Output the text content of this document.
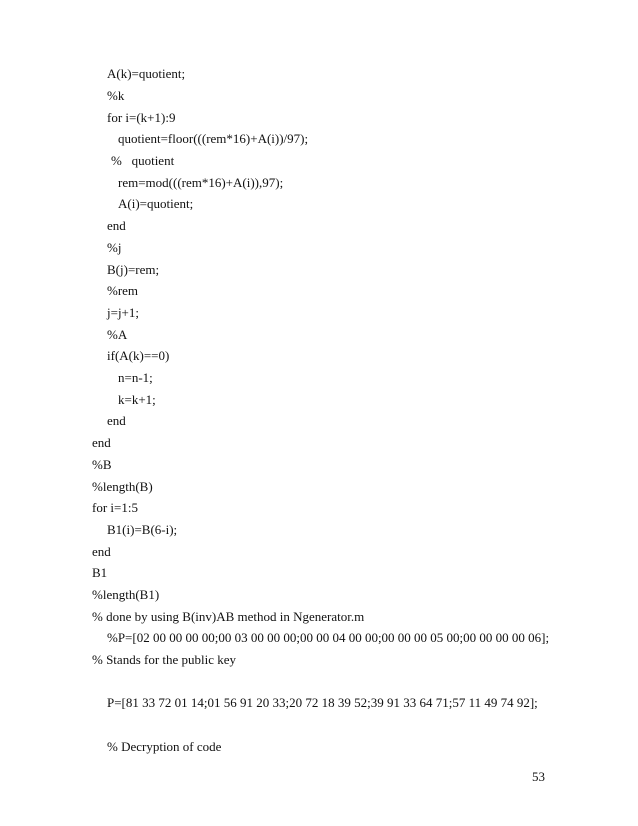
A(k)=quotient;
%k
for i=(k+1):9
quotient=floor(((rem*16)+A(i))/97);
%   quotient
rem=mod(((rem*16)+A(i)),97);
A(i)=quotient;
end
%j
B(j)=rem;
%rem
j=j+1;
%A
if(A(k)==0)
n=n-1;
k=k+1;
end
end
%B
%length(B)
for i=1:5
B1(i)=B(6-i);
end
B1
%length(B1)
% done by using B(inv)AB method in Ngenerator.m
%P=[02 00 00 00 00;00 03 00 00 00;00 00 04 00 00;00 00 00 05 00;00 00 00 00 06];
% Stands for the public key
P=[81 33 72 01 14;01 56 91 20 33;20 72 18 39 52;39 91 33 64 71;57 11 49 74 92];
% Decryption of code
53
